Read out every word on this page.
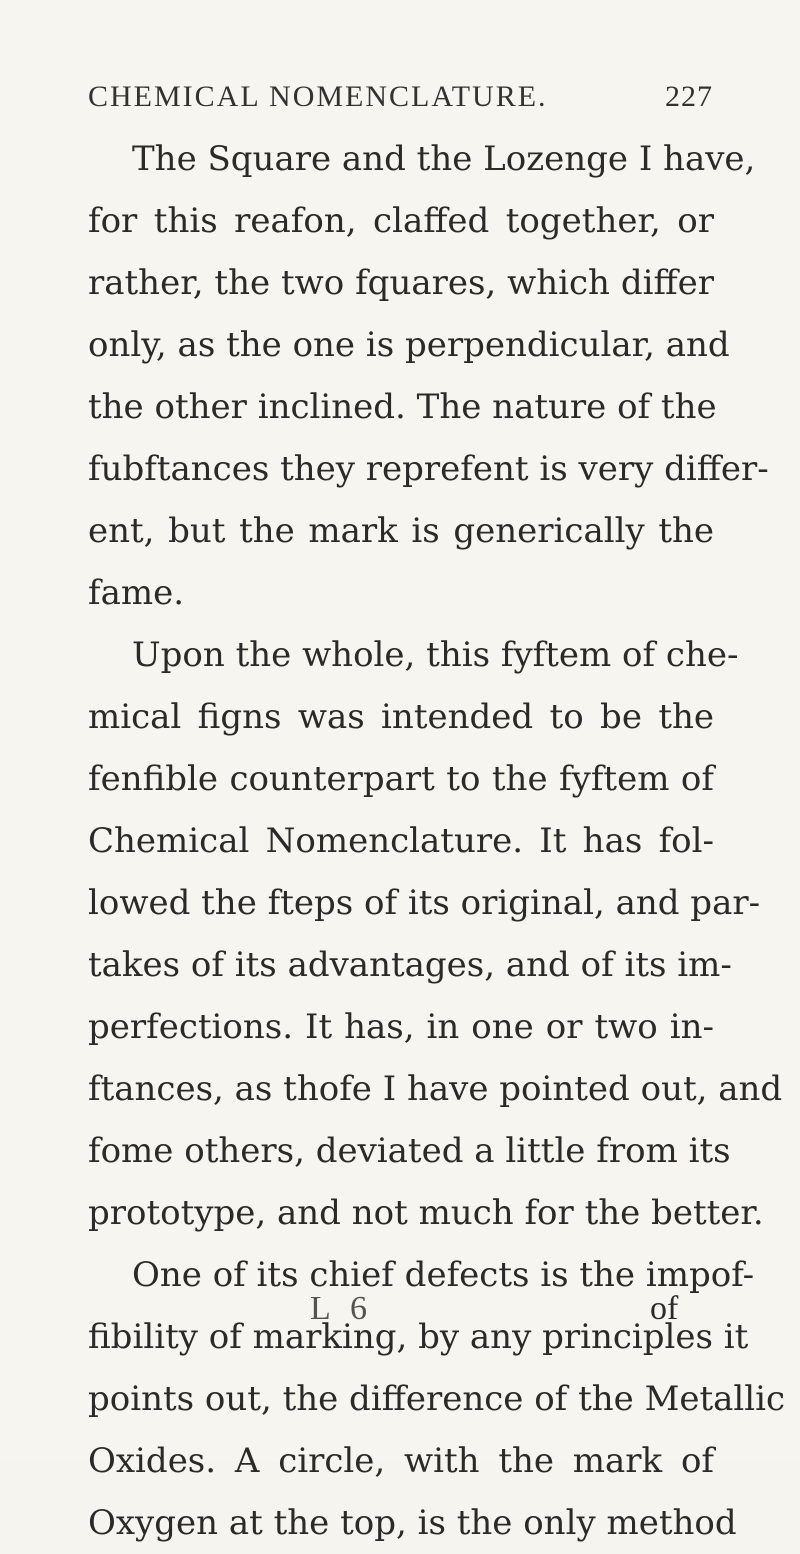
CHEMICAL NOMENCLATURE.	227
The Square and the Lozenge I have,
for this reafon, claffed together, or
rather, the two fquares, which differ
only, as the one is perpendicular, and
the other inclined. The nature of the
fubftances they reprefent is very differ-
ent, but the mark is generically the
fame.
Upon the whole, this fyftem of che-
mical figns was intended to be the
fenfible counterpart to the fyftem of
Chemical Nomenclature. It has fol-
lowed the fteps of its original, and par-
takes of its advantages, and of its im-
perfections. It has, in one or two in-
ftances, as thofe I have pointed out, and
fome others, deviated a little from its
prototype, and not much for the better.
One of its chief defects is the impof-
fibility of marking, by any principles it
points out, the difference of the Metallic
Oxides. A circle, with the mark of
Oxygen at the top, is the only method
L 6	of
